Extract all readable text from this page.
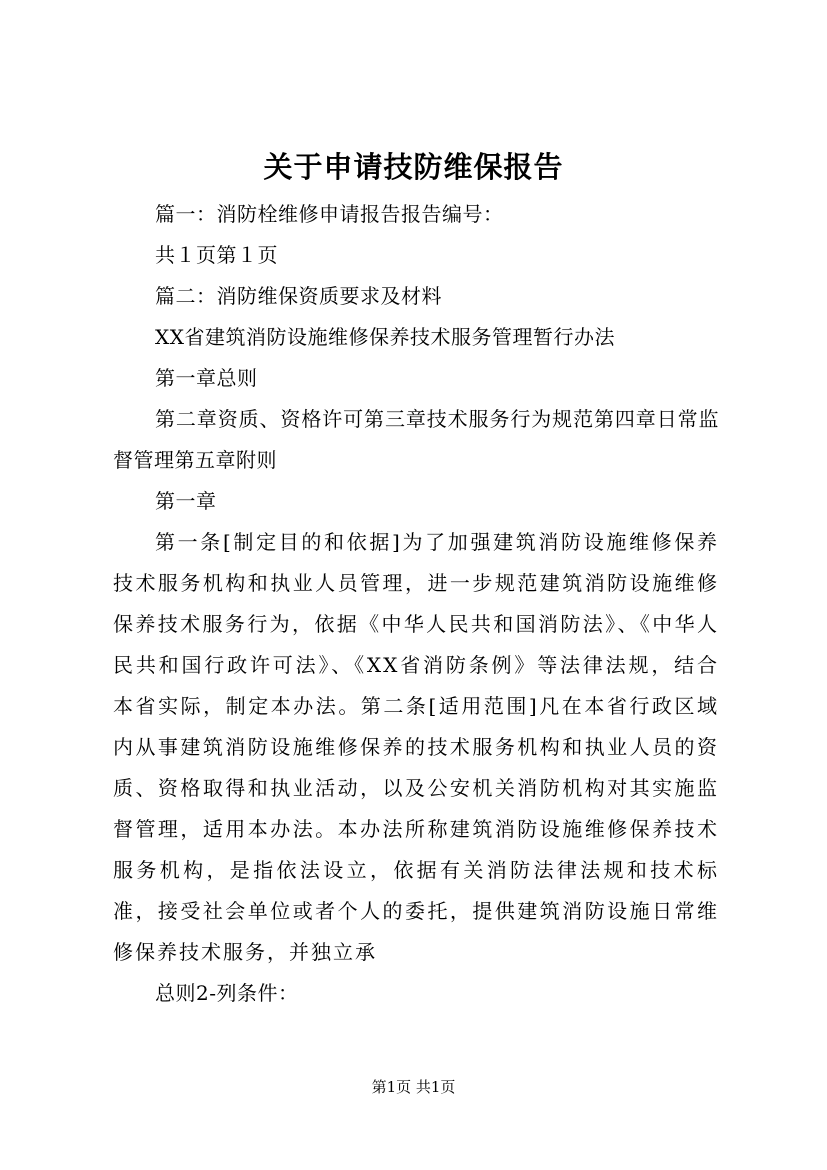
关于申请技防维保报告

篇一：消防栓维修申请报告报告编号：

共１页第１页

篇二：消防维保资质要求及材料

XX省建筑消防设施维修保养技术服务管理暂行办法

第一章总则

第二章资质、资格许可第三章技术服务行为规范第四章日常监督管理第五章附则

第一章

第一条[制定目的和依据]为了加强建筑消防设施维修保养技术服务机构和执业人员管理，进一步规范建筑消防设施维修保养技术服务行为，依据《中华人民共和国消防法》、《中华人民共和国行政许可法》、《XX省消防条例》等法律法规，结合本省实际，制定本办法。第二条[适用范围]凡在本省行政区域内从事建筑消防设施维修保养的技术服务机构和执业人员的资质、资格取得和执业活动，以及公安机关消防机构对其实施监督管理，适用本办法。本办法所称建筑消防设施维修保养技术服务机构，是指依法设立，依据有关消防法律法规和技术标准，接受社会单位或者个人的委托，提供建筑消防设施日常维修保养技术服务，并独立承

总则2-列条件：

第1页 共1页
